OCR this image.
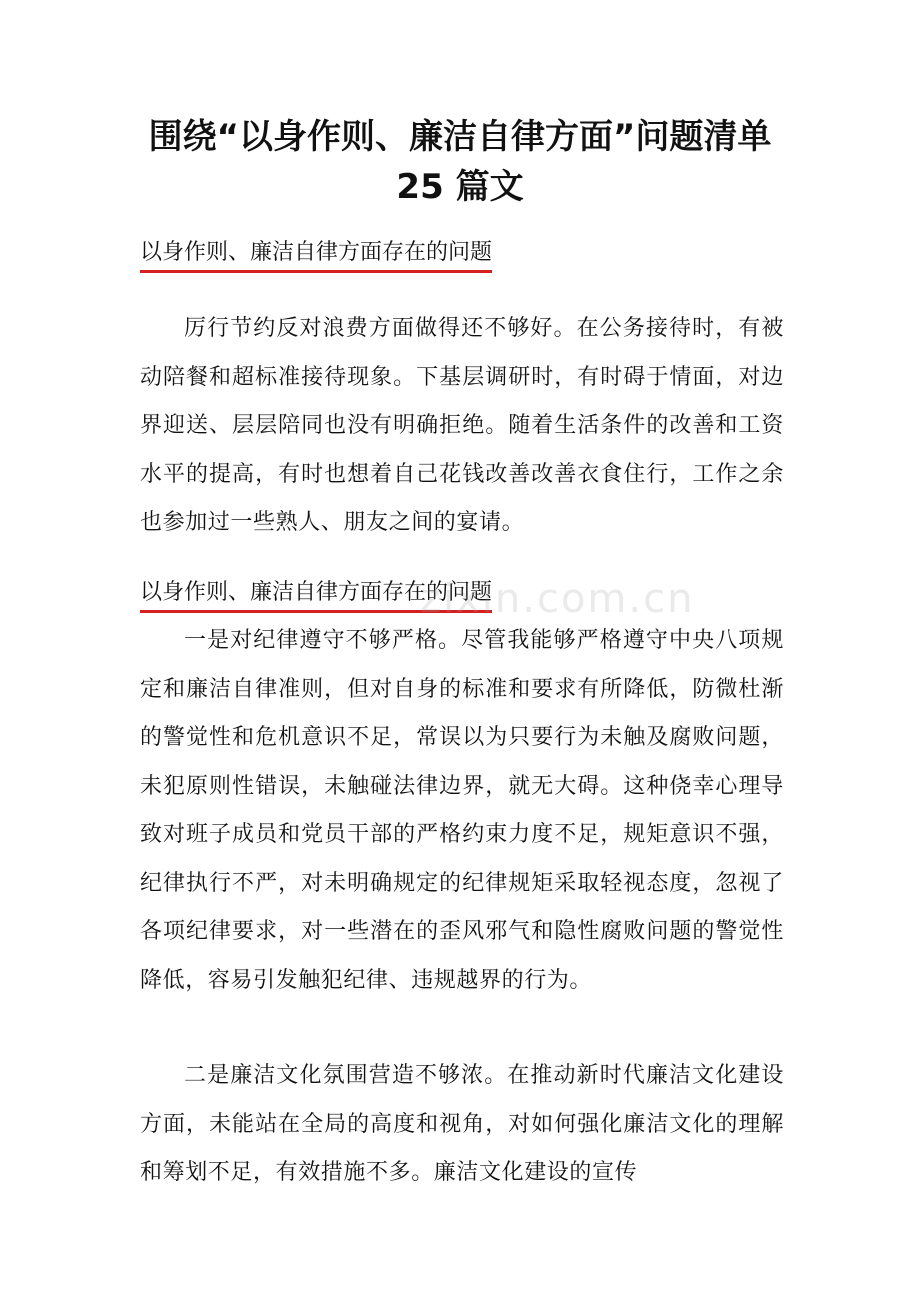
围绕“以身作则、廉洁自律方面”问题清单
25 篇文
以身作则、廉洁自律方面存在的问题

厉行节约反对浪费方面做得还不够好。在公务接待时，有被动陪餐和超标准接待现象。下基层调研时，有时碍于情面，对边界迎送、层层陪同也没有明确拒绝。随着生活条件的改善和工资水平的提高，有时也想着自己花钱改善改善衣食住行，工作之余也参加过一些熟人、朋友之间的宴请。

以身作则、廉洁自律方面存在的问题
zixin.com.cn

一是对纪律遵守不够严格。尽管我能够严格遵守中央八项规定和廉洁自律准则，但对自身的标准和要求有所降低，防微杜渐的警觉性和危机意识不足，常误以为只要行为未触及腐败问题，未犯原则性错误，未触碰法律边界，就无大碍。这种侥幸心理导致对班子成员和党员干部的严格约束力度不足，规矩意识不强，纪律执行不严，对未明确规定的纪律规矩采取轻视态度，忽视了各项纪律要求，对一些潜在的歪风邪气和隐性腐败问题的警觉性降低，容易引发触犯纪律、违规越界的行为。

二是廉洁文化氛围营造不够浓。在推动新时代廉洁文化建设方面，未能站在全局的高度和视角，对如何强化廉洁文化的理解和筹划不足，有效措施不多。廉洁文化建设的宣传
